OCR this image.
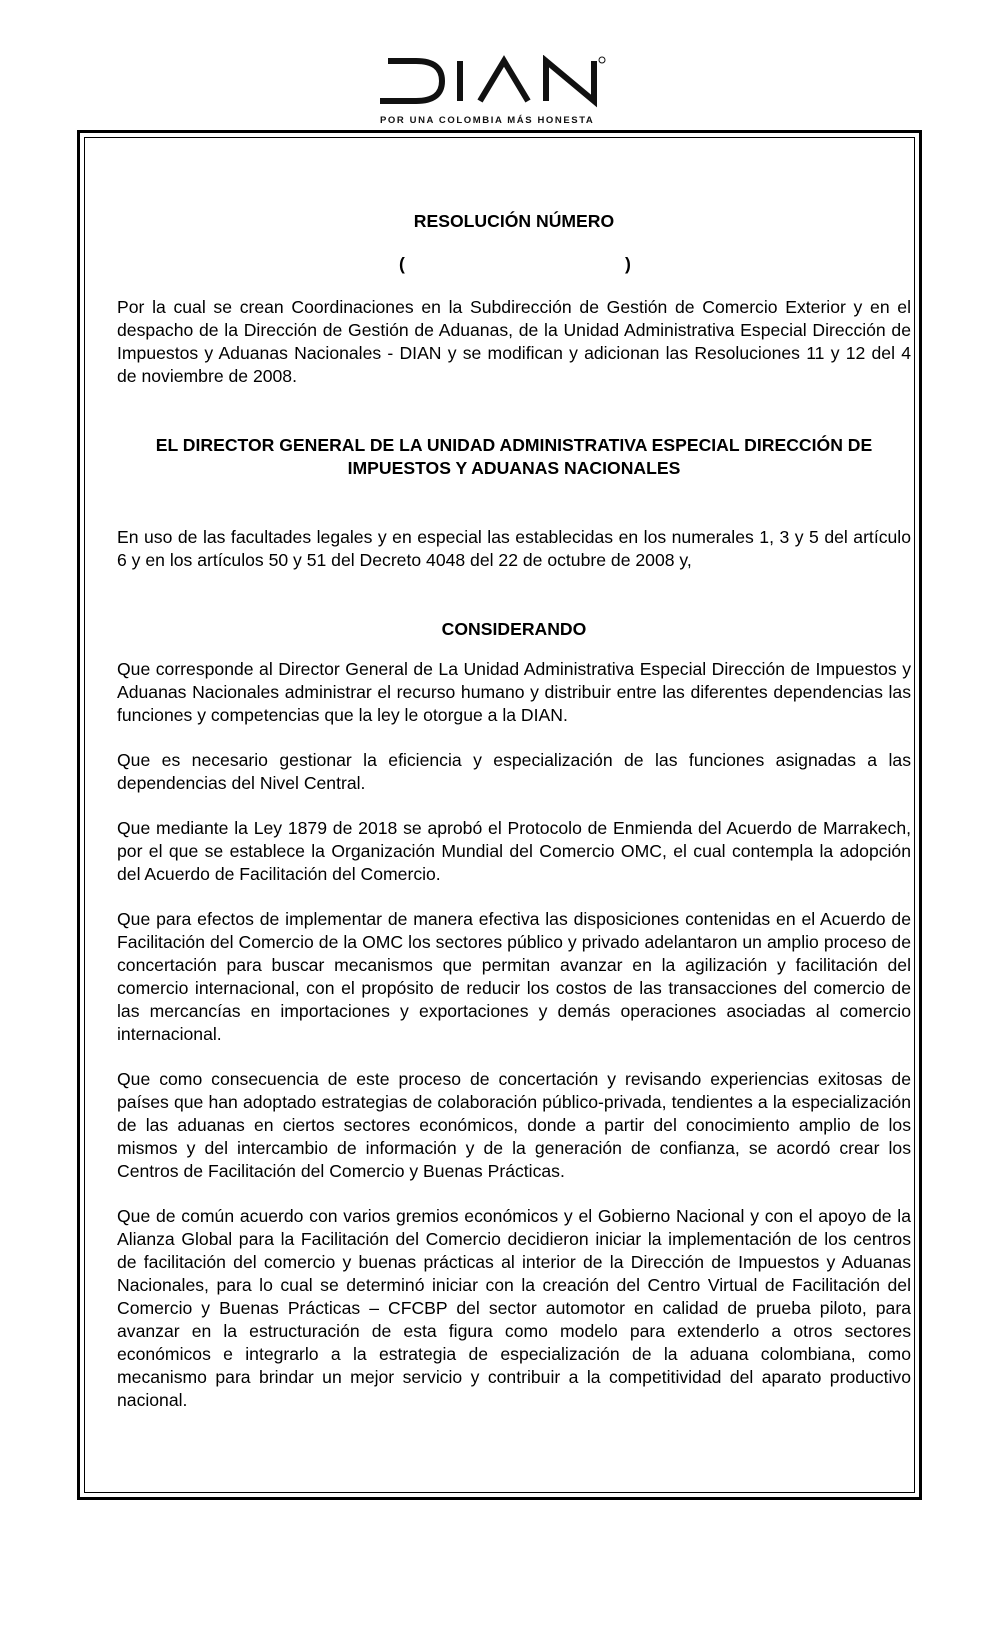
POR UNA COLOMBIA MÁS HONESTA

RESOLUCIÓN NÚMERO

(	)

Por la cual se crean Coordinaciones en la Subdirección de Gestión de Comercio Exterior y en el despacho de la Dirección de Gestión de Aduanas, de la Unidad Administrativa Especial Dirección de Impuestos y Aduanas Nacionales - DIAN y se modifican y adicionan las Resoluciones 11 y 12 del 4 de noviembre de 2008.

EL DIRECTOR GENERAL DE LA UNIDAD ADMINISTRATIVA ESPECIAL DIRECCIÓN DE IMPUESTOS Y ADUANAS NACIONALES

En uso de las facultades legales y en especial las establecidas en los numerales 1, 3 y 5 del artículo 6 y en los artículos 50 y 51 del Decreto 4048 del 22 de octubre de 2008 y,

CONSIDERANDO

Que corresponde al Director General de La Unidad Administrativa Especial Dirección de Impuestos y Aduanas Nacionales administrar el recurso humano y distribuir entre las diferentes dependencias las funciones y competencias que la ley le otorgue a la DIAN.

Que es necesario gestionar la eficiencia y especialización de las funciones asignadas a las dependencias del Nivel Central.

Que mediante la Ley 1879 de 2018 se aprobó el Protocolo de Enmienda del Acuerdo de Marrakech, por el que se establece la Organización Mundial del Comercio OMC, el cual contempla la adopción del Acuerdo de Facilitación del Comercio.

Que para efectos de implementar de manera efectiva las disposiciones contenidas en el Acuerdo de Facilitación del Comercio de la OMC los sectores público y privado adelantaron un amplio proceso de concertación para buscar mecanismos que permitan avanzar en la agilización y facilitación del comercio internacional, con el propósito de reducir los costos de las transacciones del comercio de las mercancías en importaciones y exportaciones y demás operaciones asociadas al comercio internacional.

Que como consecuencia de este proceso de concertación y revisando experiencias exitosas de países que han adoptado estrategias de colaboración público-privada, tendientes a la especialización de las aduanas en ciertos sectores económicos, donde a partir del conocimiento amplio de los mismos y del intercambio de información y de la generación de confianza, se acordó crear los Centros de Facilitación del Comercio y Buenas Prácticas.

Que de común acuerdo con varios gremios económicos y el Gobierno Nacional y con el apoyo de la Alianza Global para la Facilitación del Comercio decidieron iniciar la implementación de los centros de facilitación del comercio y buenas prácticas al interior de la Dirección de Impuestos y Aduanas Nacionales, para lo cual se determinó iniciar con la creación del Centro Virtual de Facilitación del Comercio y Buenas Prácticas – CFCBP del sector automotor en calidad de prueba piloto, para avanzar en la estructuración de esta figura como modelo para extenderlo a otros sectores económicos e integrarlo a la estrategia de especialización de la aduana colombiana, como mecanismo para brindar un mejor servicio y contribuir a la competitividad del aparato productivo nacional.
